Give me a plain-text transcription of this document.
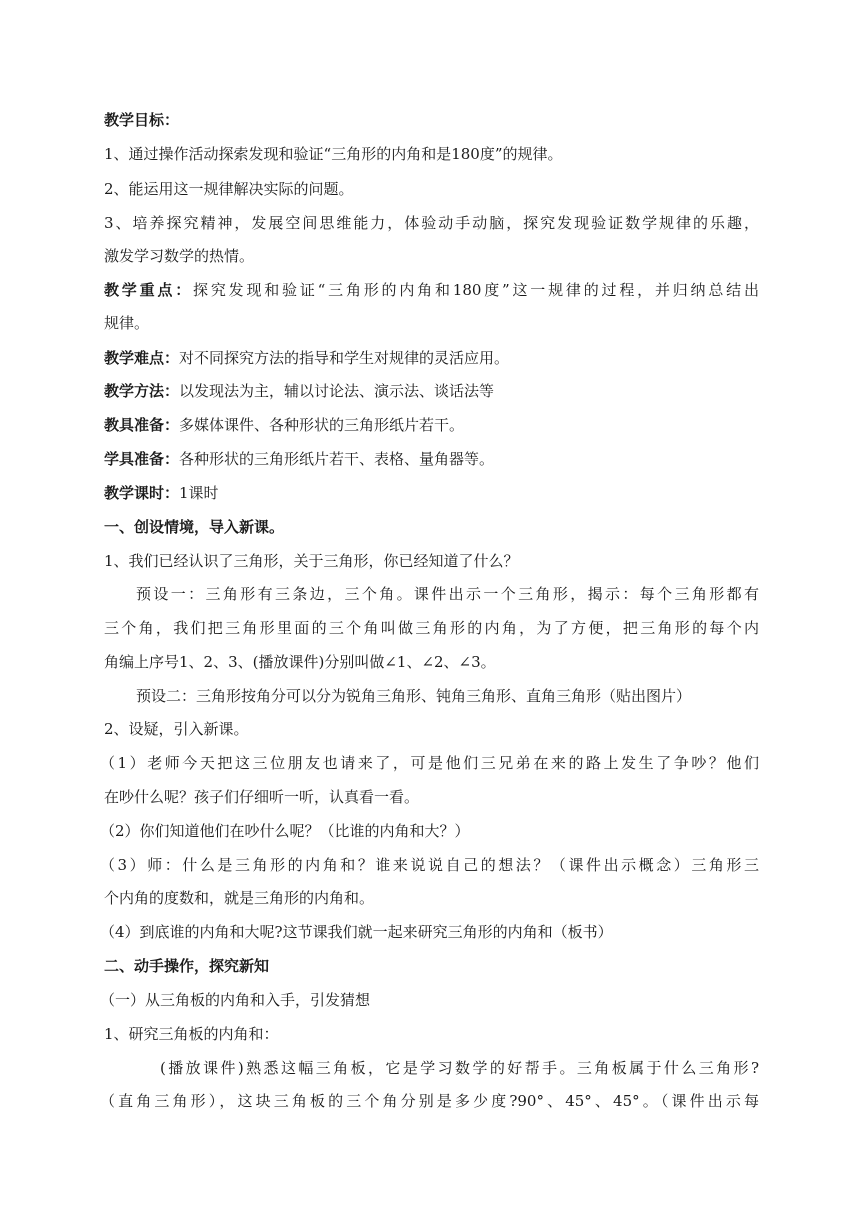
教学目标：
1、通过操作活动探索发现和验证“三角形的内角和是180度”的规律。
2、能运用这一规律解决实际的问题。
3、培养探究精神，发展空间思维能力，体验动手动脑，探究发现验证数学规律的乐趣，
激发学习数学的热情。
教学重点：探究发现和验证“三角形的内角和180度”这一规律的过程，并归纳总结出
规律。
教学难点：对不同探究方法的指导和学生对规律的灵活应用。
教学方法：以发现法为主，辅以讨论法、演示法、谈话法等
教具准备：多媒体课件、各种形状的三角形纸片若干。
学具准备：各种形状的三角形纸片若干、表格、量角器等。
教学课时：1课时
一、创设情境，导入新课。
1、我们已经认识了三角形，关于三角形，你已经知道了什么？
预设一：三角形有三条边，三个角。课件出示一个三角形，揭示：每个三角形都有
三个角，我们把三角形里面的三个角叫做三角形的内角，为了方便，把三角形的每个内
角编上序号1、2、3、(播放课件)分别叫做∠1、∠2、∠3。
预设二：三角形按角分可以分为锐角三角形、钝角三角形、直角三角形（贴出图片）
2、设疑，引入新课。
（1）老师今天把这三位朋友也请来了，可是他们三兄弟在来的路上发生了争吵？他们
在吵什么呢？孩子们仔细听一听，认真看一看。
（2）你们知道他们在吵什么呢？（比谁的内角和大？）
（3）师：什么是三角形的内角和？谁来说说自己的想法？（课件出示概念）三角形三
个内角的度数和，就是三角形的内角和。
（4）到底谁的内角和大呢?这节课我们就一起来研究三角形的内角和（板书）
二、动手操作，探究新知
（一）从三角板的内角和入手，引发猜想
1、研究三角板的内角和：
(播放课件)熟悉这幅三角板，它是学习数学的好帮手。三角板属于什么三角形?
（直角三角形），这块三角板的三个角分别是多少度?90°、45°、45°。（课件出示每
